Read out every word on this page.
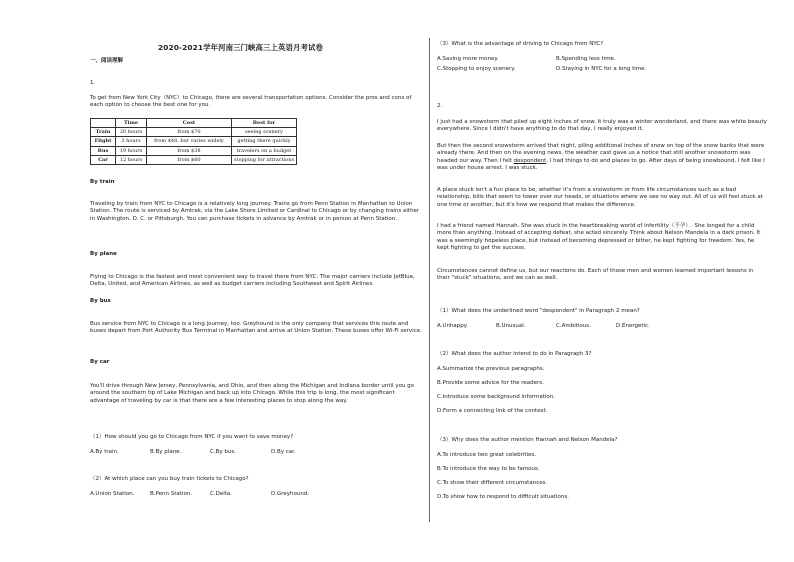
2020-2021学年河南三门峡高三上英语月考试卷
一、阅读理解
1.
To get from New York City（NYC）to Chicago, there are several transportation options. Consider the pros and cons of each option to choose the best one for you.
	Time	Cost	Best for
Train	20 hours	from $70	seeing scenery
Flight	3 hours	from $48, but varies widely	getting there quickly
Bus	19 hours	from $38	travelers on a budget
Car	12 hours	from $60	stopping for attractions
By train
Traveling by train from NYC to Chicago is a relatively long journey. Trains go from Penn Station in Manhattan to Union Station. The route is serviced by Amtrak, via the Lake Shore Limited or Cardinal to Chicago or by changing trains either in Washington, D. C. or Pittsburgh. You can purchase tickets in advance by Amtrak or in person at Penn Station.
By plane
Flying to Chicago is the fastest and most convenient way to travel there from NYC. The major carriers include JetBlue, Delta, United, and American Airlines, as well as budget carriers including Southwest and Spirit Airlines.
By bus
Bus service from NYC to Chicago is a long journey, too. Greyhound is the only company that services this route and buses depart from Port Authority Bus Terminal in Manhattan and arrive at Union Station. These buses offer Wi-Fi service.
By car
You'll drive through New Jersey, Pennsylvania, and Ohio, and then along the Michigan and Indiana border until you go around the southern tip of Lake Michigan and back up into Chicago. While this trip is long, the most significant advantage of traveling by car is that there are a few interesting places to stop along the way.
（1）How should you go to Chicago from NYC if you want to save money?
A.By train.	B.By plane.	C.By bus.	D.By car.
（2）At which place can you buy train tickets to Chicago?
A.Union Station.	B.Penn Station.	C.Delta.	D.Greyhound.
（3）What is the advantage of driving to Chicago from NYC?
A.Saving more money.	B.Spending less time.
C.Stopping to enjoy scenery.	D.Staying in NYC for a long time.
2.
I just had a snowstorm that piled up eight inches of snow. It truly was a winter wonderland, and there was white beauty everywhere. Since I didn't have anything to do that day, I really enjoyed it.
But then the second snowstorm arrived that night, piling additional inches of snow on top of the snow banks that were already there. And then on the evening news, the weather cast gave us a notice that still another snowstorm was headed our way. Then I felt despondent. I had things to do and places to go. After days of being snowbound, I felt like I was under house arrest. I was stuck.
A place stuck isn't a fun place to be, whether it's from a snowstorm or from life circumstances such as a bad relationship, bills that seem to tower over our heads, or situations where we see no way out. All of us will feel stuck at one time or another, but it's how we respond that makes the difference.
I had a friend named Hannah. She was stuck in the heartbreaking world of infertility（不孕）. She longed for a child more than anything. Instead of accepting defeat, she acted sincerely. Think about Nelson Mandela in a dark prison. It was a seemingly hopeless place, but instead of becoming depressed or bitter, he kept fighting for freedom. Yes, he kept fighting to get the success.
Circumstances cannot define us, but our reactions do. Each of those men and women learned important lessons in their "stuck" situations, and we can as well.
（1）What does the underlined word "despondent" in Paragraph 2 mean?
A.Unhappy.	B.Unusual.	C.Ambitious.	D.Energetic.
（2）What does the author intend to do in Paragraph 3?
A.Summarize the previous paragraphs.
B.Provide some advice for the readers.
C.Introduce some background information.
D.Form a connecting link of the context.
（3）Why does the author mention Hannah and Nelson Mandela?
A.To introduce two great celebrities.
B.To introduce the way to be famous.
C.To show their different circumstances.
D.To show how to respond to difficult situations.
